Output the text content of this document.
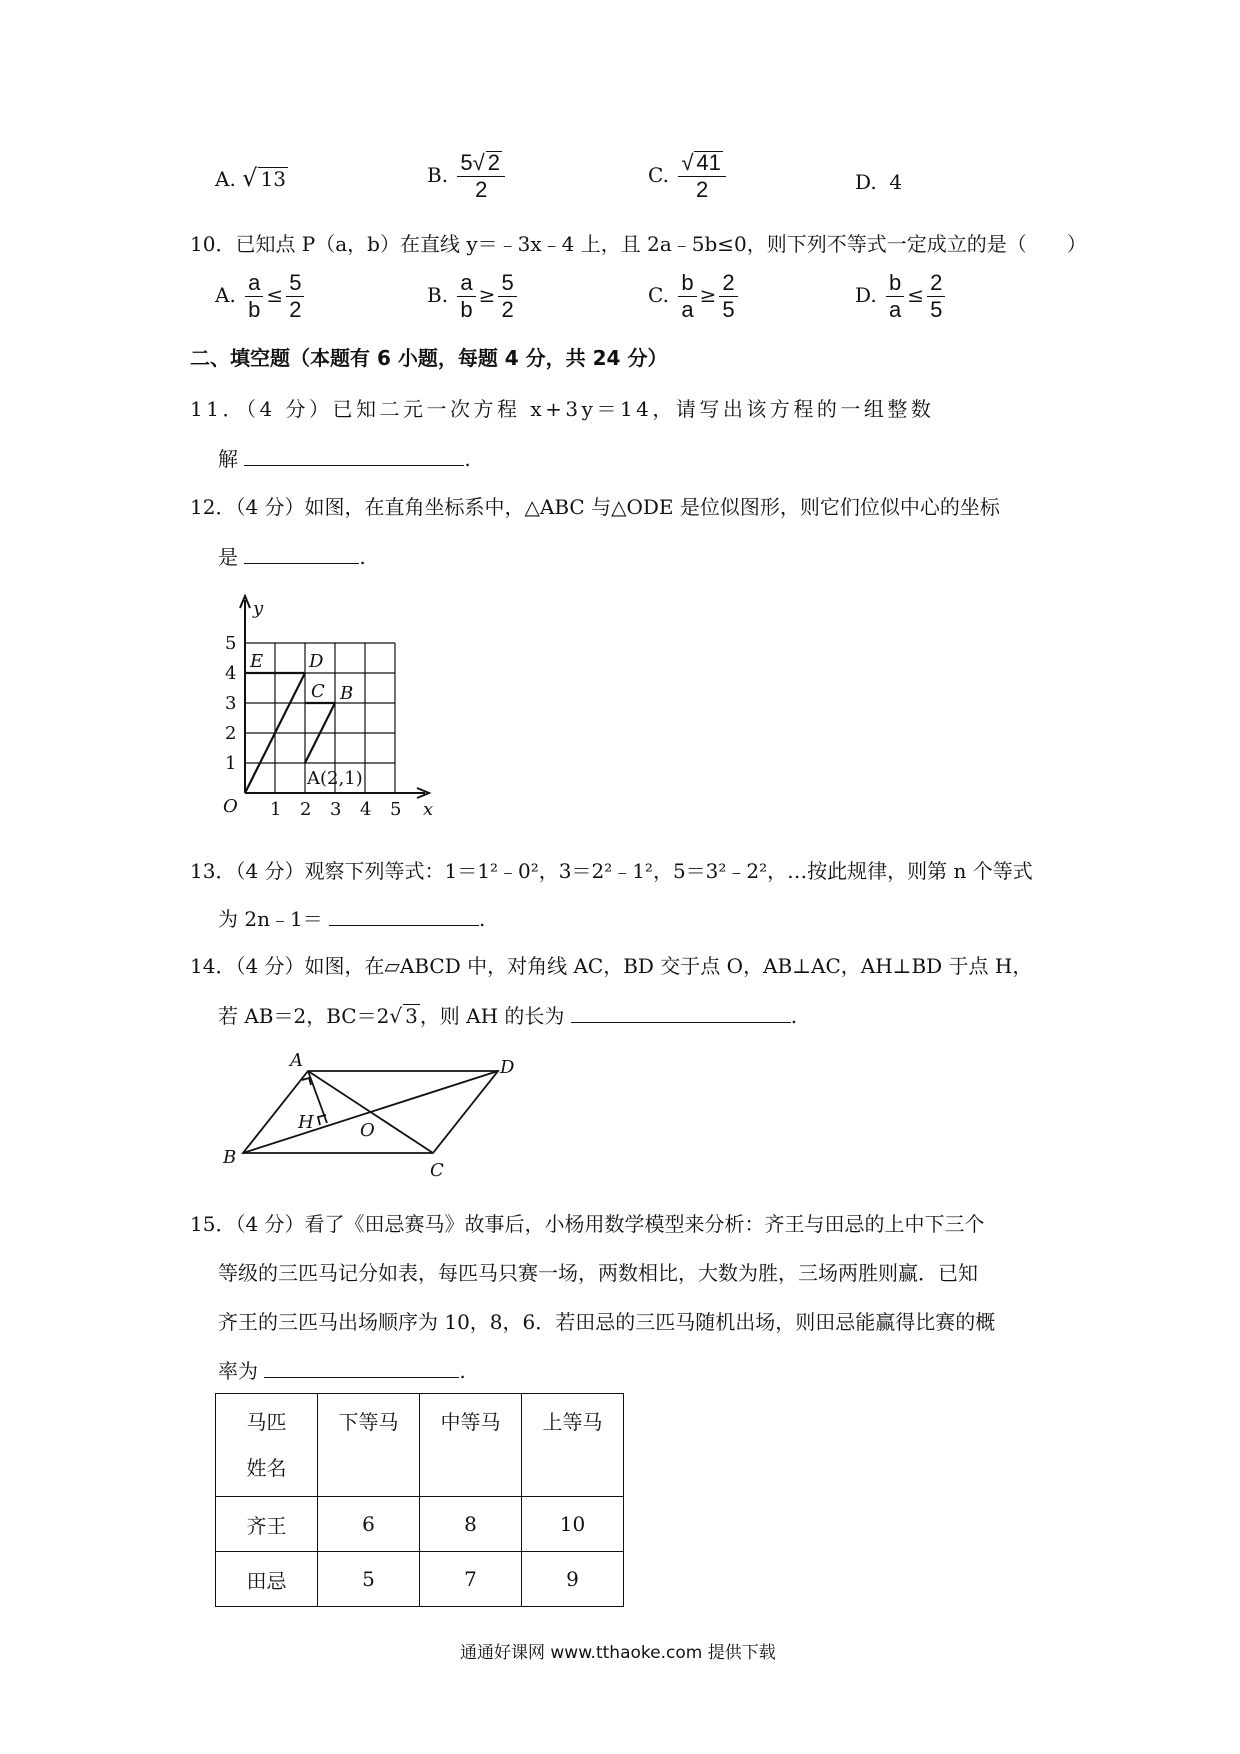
A. √ 13	B. $\frac{5√ 2}{2}$	C. $\frac{√ 41}{2}$	D. 4
10．已知点 P（a，b）在直线 y＝﹣3x﹣4 上，且 2a﹣5b≤0，则下列不等式一定成立的是（　　）
A. $\frac{a}{b} \le \frac{5}{2}$	B. $\frac{a}{b} \ge \frac{5}{2}$	C. $\frac{b}{a} \ge \frac{2}{5}$	D. $\frac{b}{a} \le \frac{2}{5}$
二、填空题（本题有 6 小题，每题 4 分，共 24 分）
11．（4 分）已知二元一次方程 x+3y＝14，请写出该方程的一组整数
解	.
12．（4 分）如图，在直角坐标系中，△ABC 与△ODE 是位似图形，则它们位似中心的坐标
是	.
y
x
O 1 2 3 4 5
1
2
3
4
5
E	D
C B
A(2,1)
13．（4 分）观察下列等式：1＝1²﹣0²，3＝2²﹣1²，5＝3²﹣2²，…按此规律，则第 n 个等式
为 2n﹣1＝	.
14．（4 分）如图，在▱ABCD 中，对角线 AC，BD 交于点 O，AB⊥AC，AH⊥BD 于点 H，
若 AB＝2，BC＝2√ 3 ，则 AH 的长为	.
A	D
B
C
H	O
15．（4 分）看了《田忌赛马》故事后，小杨用数学模型来分析：齐王与田忌的上中下三个
等级的三匹马记分如表，每匹马只赛一场，两数相比，大数为胜，三场两胜则赢．已知
齐王的三匹马出场顺序为 10，8，6．若田忌的三匹马随机出场，则田忌能赢得比赛的概
率为	.
马匹
姓名	下等马	中等马	上等马
齐王	6	8	10
田忌	5	7	9
通通好课网 www.tthaoke.com 提供下载
